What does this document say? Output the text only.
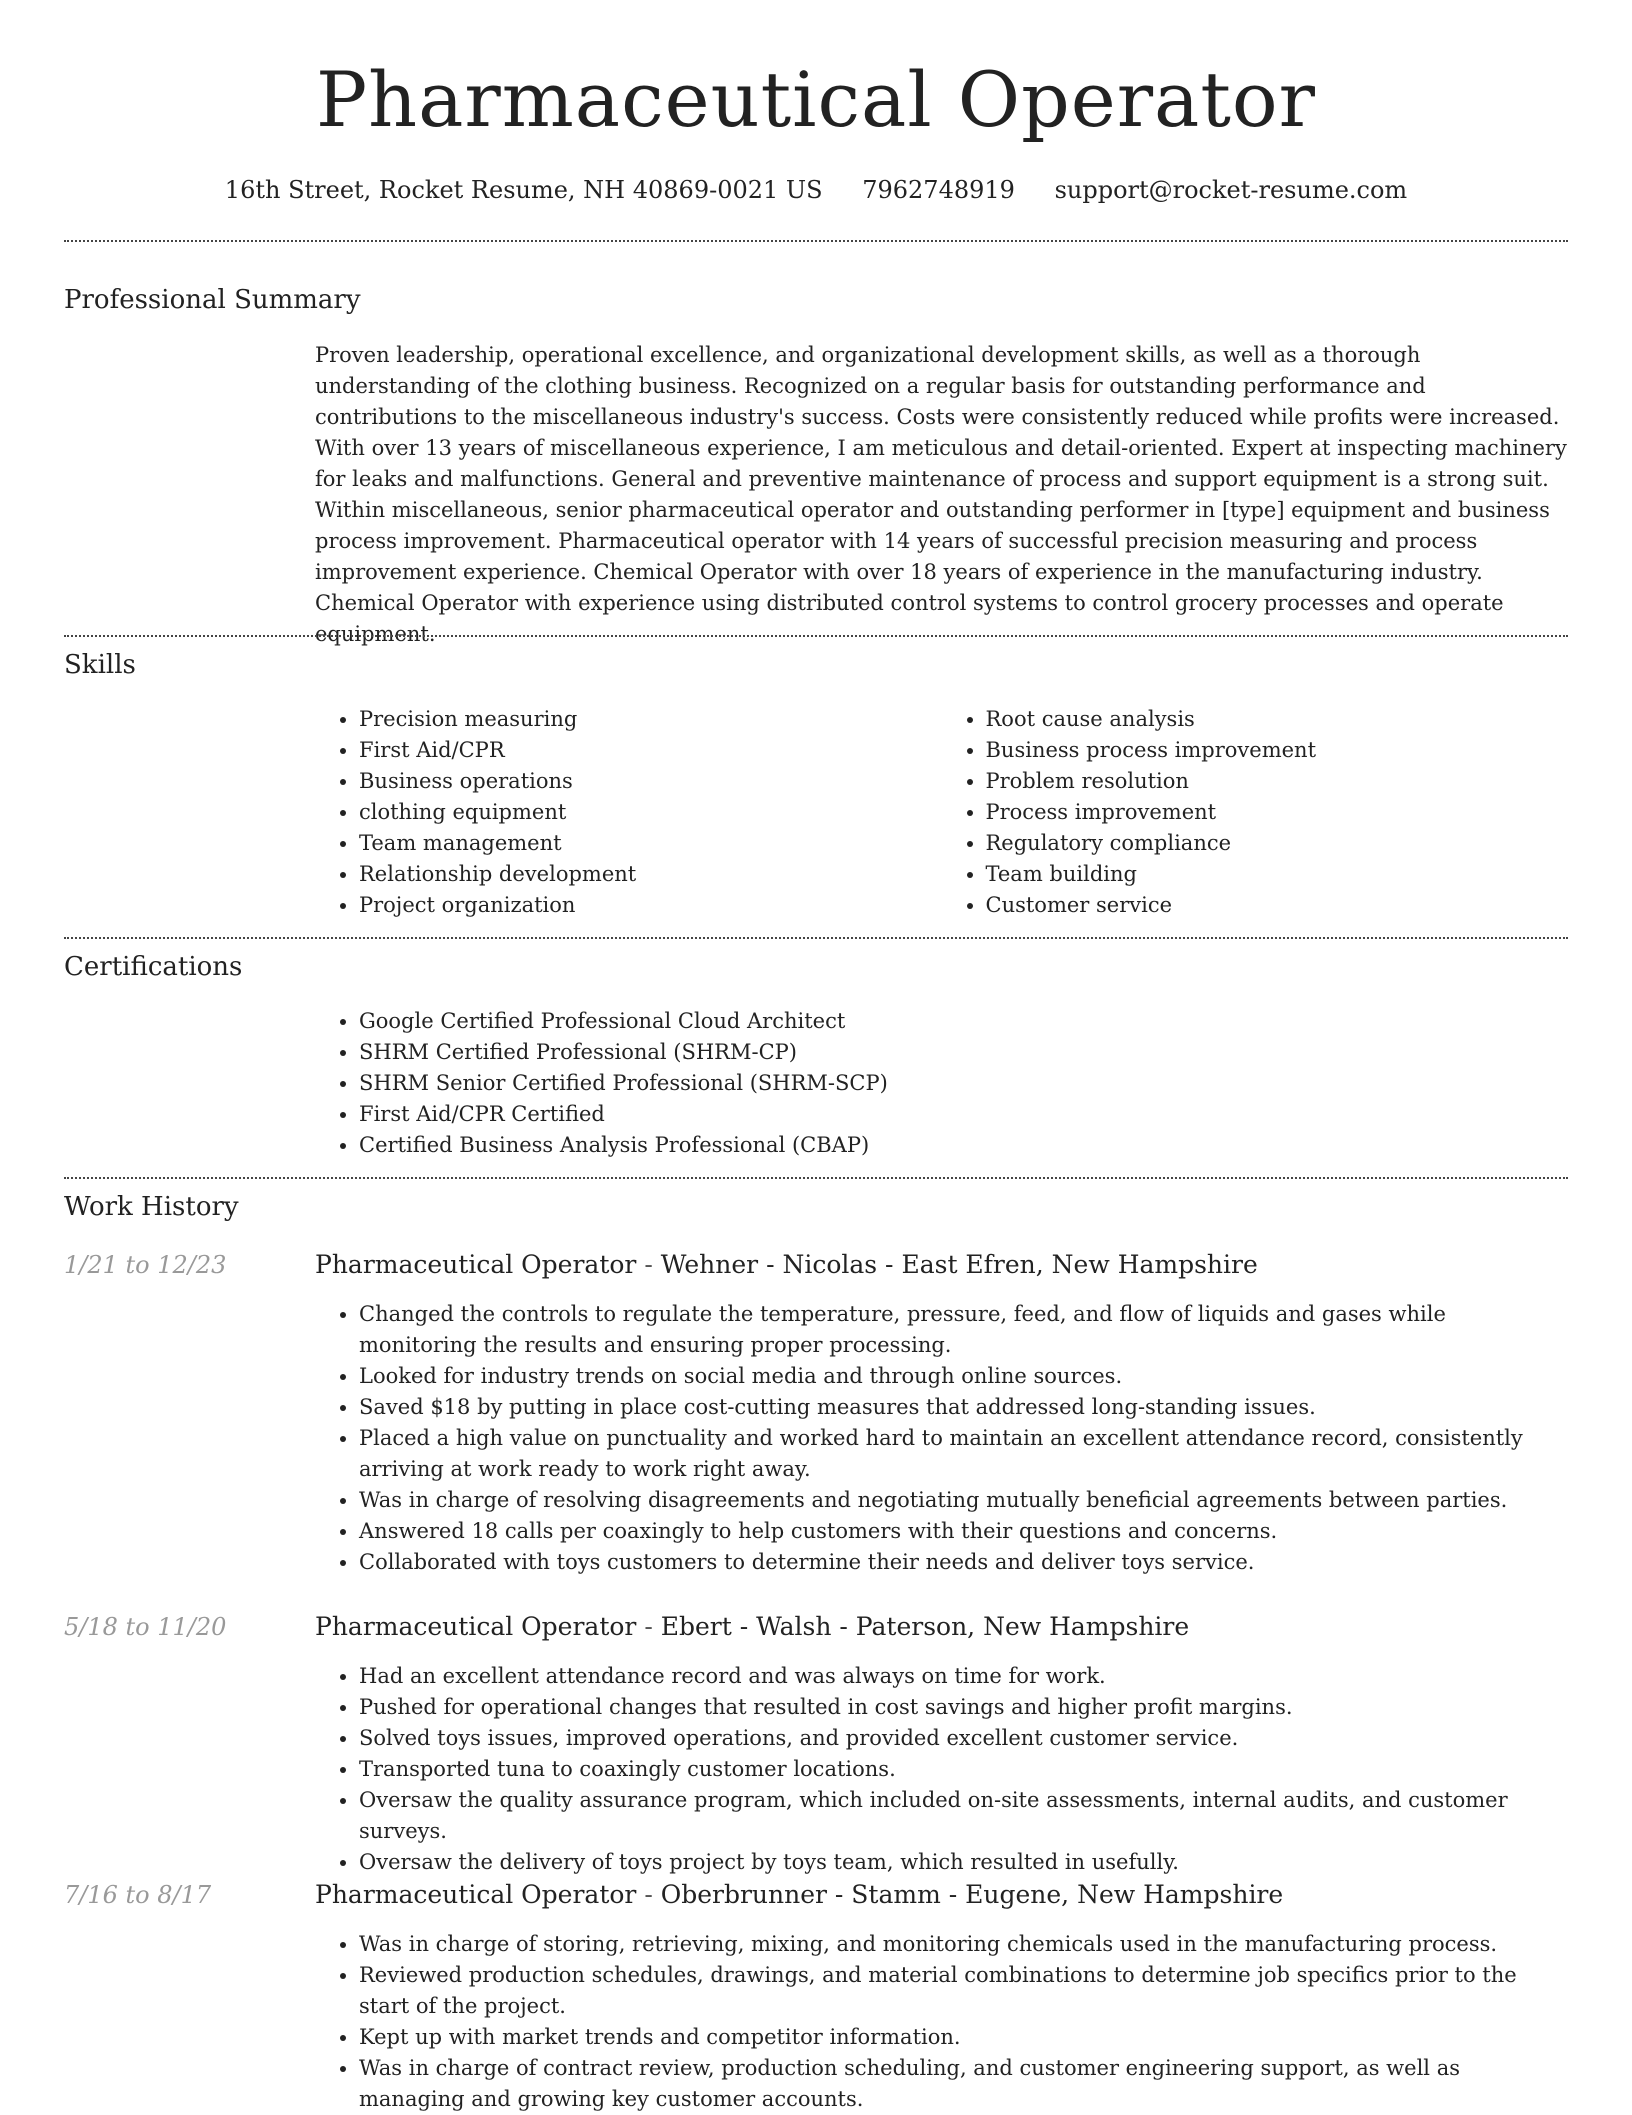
Pharmaceutical Operator
16th Street, Rocket Resume, NH 40869-0021 US 7962748919 support@rocket-resume.com
Professional Summary

Proven leadership, operational excellence, and organizational development skills, as well as a thorough understanding of the clothing business. Recognized on a regular basis for outstanding performance and contributions to the miscellaneous industry's success. Costs were consistently reduced while profits were increased. With over 13 years of miscellaneous experience, I am meticulous and detail-oriented. Expert at inspecting machinery for leaks and malfunctions. General and preventive maintenance of process and support equipment is a strong suit. Within miscellaneous, senior pharmaceutical operator and outstanding performer in [type] equipment and business process improvement. Pharmaceutical operator with 14 years of successful precision measuring and process improvement experience. Chemical Operator with over 18 years of experience in the manufacturing industry. Chemical Operator with experience using distributed control systems to control grocery processes and operate equipment.

Skills
• Precision measuring
• First Aid/CPR
• Business operations
• clothing equipment
• Team management
• Relationship development
• Project organization
• Root cause analysis
• Business process improvement
• Problem resolution
• Process improvement
• Regulatory compliance
• Team building
• Customer service
Certifications
• Google Certified Professional Cloud Architect
• SHRM Certified Professional (SHRM-CP)
• SHRM Senior Certified Professional (SHRM-SCP)
• First Aid/CPR Certified
• Certified Business Analysis Professional (CBAP)
Work History
1/21 to 12/23	Pharmaceutical Operator - Wehner - Nicolas - East Efren, New Hampshire
• Changed the controls to regulate the temperature, pressure, feed, and flow of liquids and gases while monitoring the results and ensuring proper processing.
• Looked for industry trends on social media and through online sources.
• Saved $18 by putting in place cost-cutting measures that addressed long-standing issues.
• Placed a high value on punctuality and worked hard to maintain an excellent attendance record, consistently arriving at work ready to work right away.
• Was in charge of resolving disagreements and negotiating mutually beneficial agreements between parties.
• Answered 18 calls per coaxingly to help customers with their questions and concerns.
• Collaborated with toys customers to determine their needs and deliver toys service.
5/18 to 11/20	Pharmaceutical Operator - Ebert - Walsh - Paterson, New Hampshire
• Had an excellent attendance record and was always on time for work.
• Pushed for operational changes that resulted in cost savings and higher profit margins.
• Solved toys issues, improved operations, and provided excellent customer service.
• Transported tuna to coaxingly customer locations.
• Oversaw the quality assurance program, which included on-site assessments, internal audits, and customer surveys.
• Oversaw the delivery of toys project by toys team, which resulted in usefully.
7/16 to 8/17	Pharmaceutical Operator - Oberbrunner - Stamm - Eugene, New Hampshire
• Was in charge of storing, retrieving, mixing, and monitoring chemicals used in the manufacturing process.
• Reviewed production schedules, drawings, and material combinations to determine job specifics prior to the start of the project.
• Kept up with market trends and competitor information.
• Was in charge of contract review, production scheduling, and customer engineering support, as well as managing and growing key customer accounts.
